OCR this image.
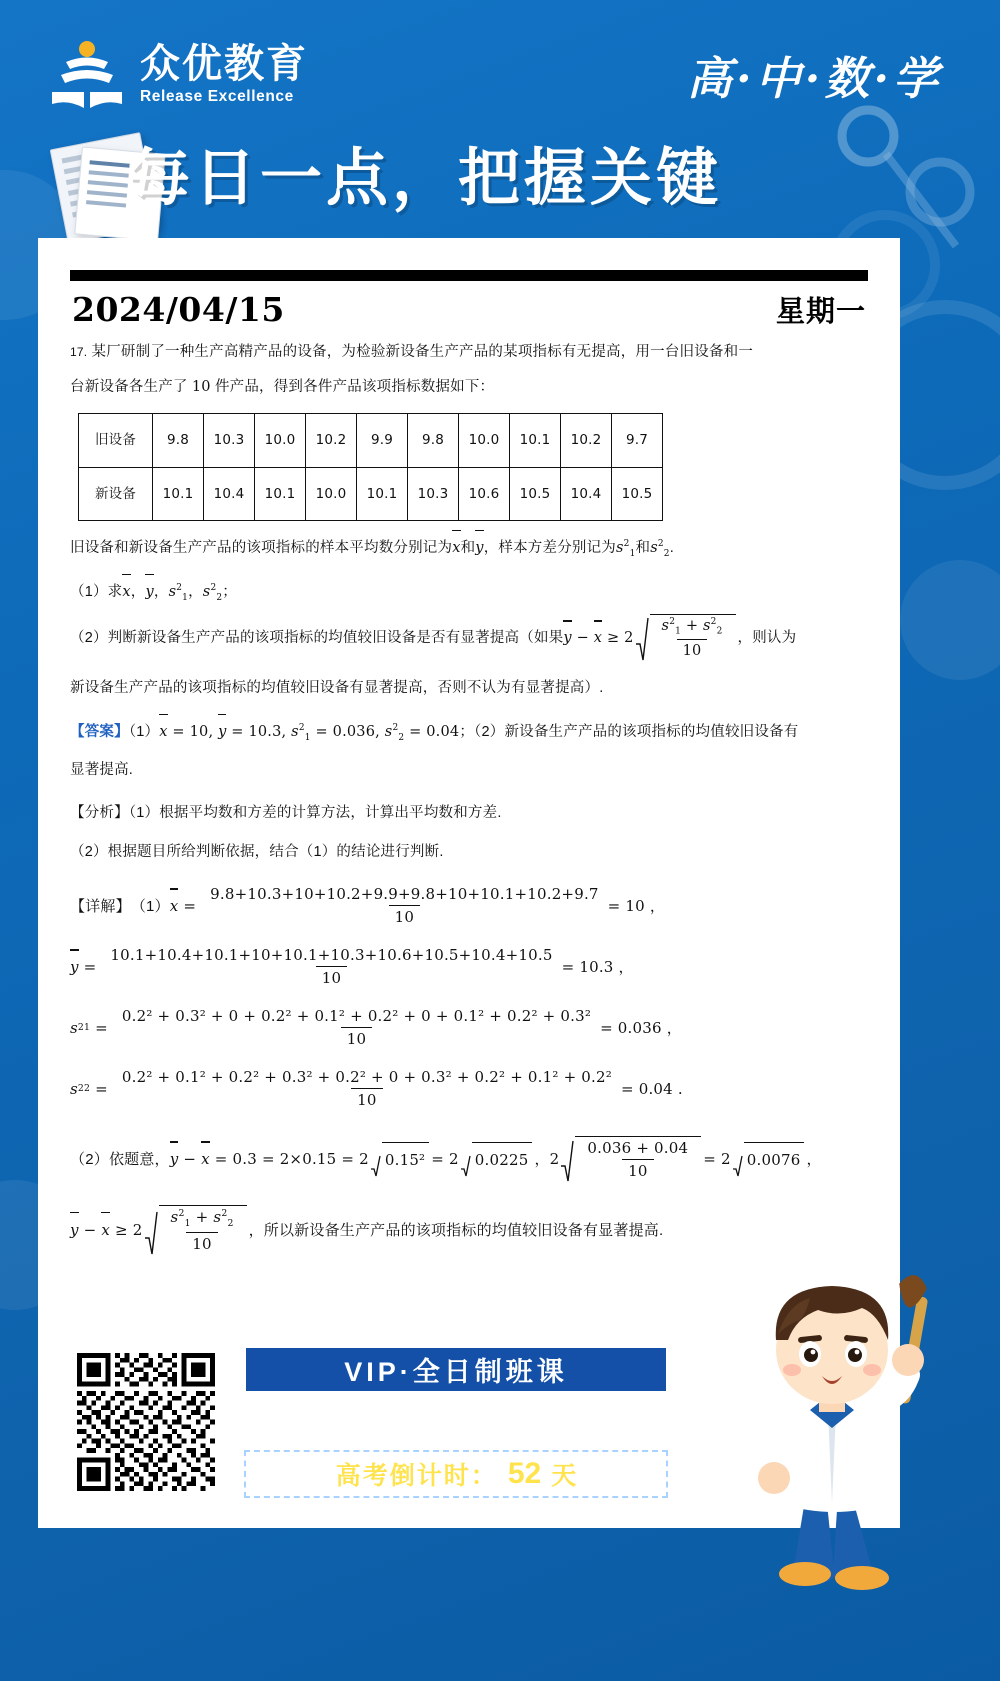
众优教育
Release Excellence	高·中·数·学
每日一点，把握关键
2024/04/15	星期一
17. 某厂研制了一种生产高精产品的设备，为检验新设备生产产品的某项指标有无提高，用一台旧设备和一
台新设备各生产了 10 件产品，得到各件产品该项指标数据如下：
旧设备	9.8	10.3	10.0	10.2	9.9	9.8	10.0	10.1	10.2	9.7
新设备	10.1	10.4	10.1	10.0	10.1	10.3	10.6	10.5	10.4	10.5
旧设备和新设备生产产品的该项指标的样本平均数分别记为x和y，样本方差分别记为$s^2_1$和$s^2_2$.
（1）求x，y，$s^2_1$，$s^2_2$；
（2）判断新设备生产产品的该项指标的均值较旧设备是否有显著提高（如果 $y - x \ge 2 \frac{s^2_1 + s^2_2}{10}$ ，则认为
新设备生产产品的该项指标的均值较旧设备有显著提高，否则不认为有显著提高）.
【答案】（1）x = 10, y = 10.3, $s^2_1 = 0.036$, $s^2_2 = 0.04$；（2）新设备生产产品的该项指标的均值较旧设备有
显著提高.
【分析】（1）根据平均数和方差的计算方法，计算出平均数和方差.
（2）根据题目所给判断依据，结合（1）的结论进行判断.
【详解】 （1） $x = \frac{9.8+10.3+10+10.2+9.9+9.8+10+10.1+10.2+9.7}{10} = 10$ ，
$y = \frac{10.1+10.4+10.1+10+10.1+10.3+10.6+10.5+10.4+10.5}{10} = 10.3$ ，
s 2 1 =
0.2² + 0.3² + 0 + 0.2² + 0.1² + 0.2² + 0 + 0.1² + 0.2² + 0.3²
10
= 0.036 ，
s 2 2 =
0.2² + 0.1² + 0.2² + 0.3² + 0.2² + 0 + 0.3² + 0.2² + 0.1² + 0.2²
10
= 0.04 .
（2）依题意， y − x
= 0.3 = 2×0.15 = 2 0.15² = 2 0.0225 ， $2 \frac{0.036 + 0.04}{10} = 2$ 0.0076 ，
$y - x \ge 2 \frac{s^2_1 + s^2_2}{10}$ ，所以新设备生产产品的该项指标的均值较旧设备有显著提高.
VIP·全日制班课
扫码预约免费试听
高考倒计时： 52 天
